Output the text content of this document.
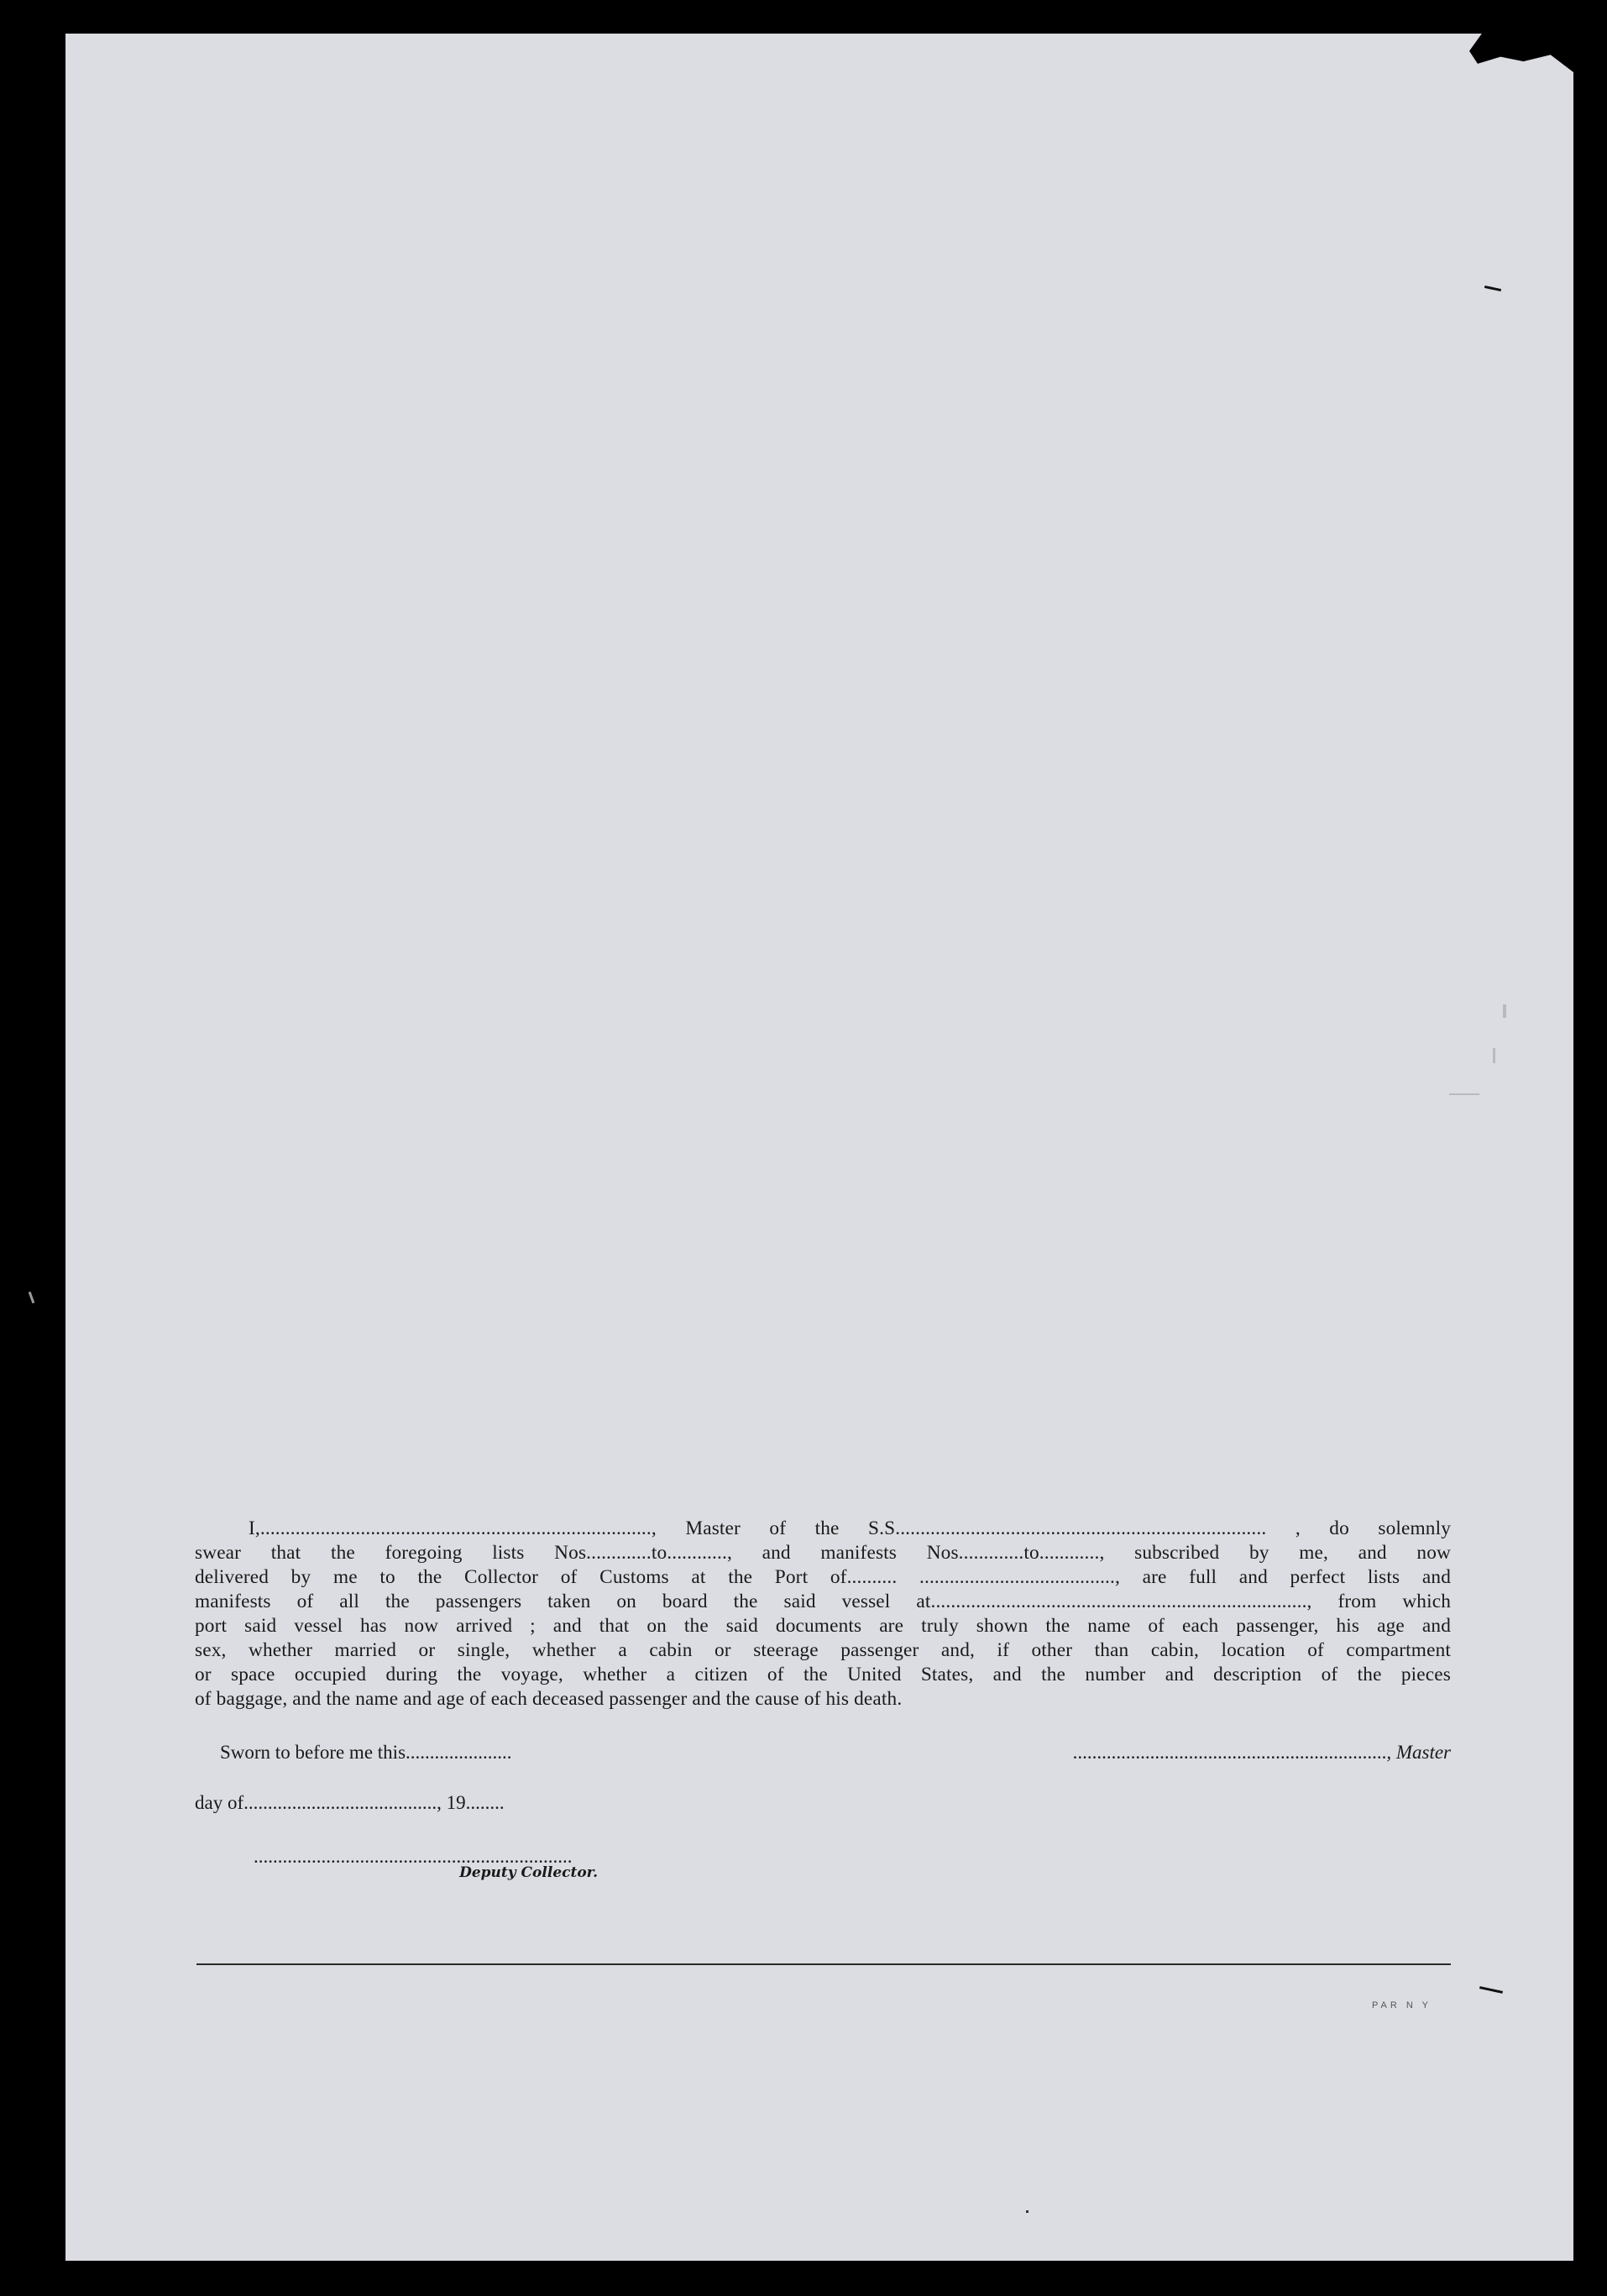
I,.............................................................................., Master of the S.S.......................................................................... , do solemnly
swear that the foregoing lists Nos.............to............, and manifests Nos.............to............, subscribed by me, and now
delivered by me to the Collector of Customs at the Port of.......... ......................................., are full and perfect lists and
manifests of all the passengers taken on board the said vessel at..........................................................................., from which
port said vessel has now arrived ; and that on the said documents are truly shown the name of each passenger, his age and
sex, whether married or single, whether a cabin or steerage passenger and, if other than cabin, location of compartment
or space occupied during the voyage, whether a citizen of the United States, and the number and description of the pieces
of baggage, and the name and age of each deceased passenger and the cause of his death.
Sworn to before me this......................	................................................................., Master
day of........................................, 19........
..................................................................
Deputy Collector.
PAR N Y
